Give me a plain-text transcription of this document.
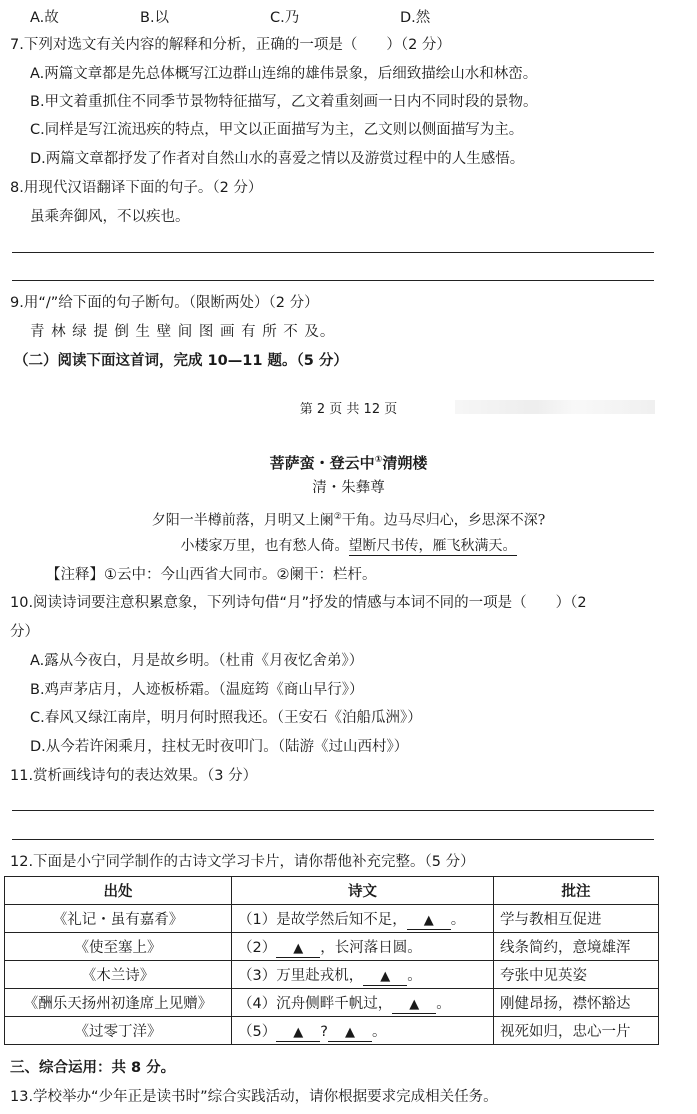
A.故	B.以	C.乃	D.然
7.下列对选文有关内容的解释和分析，正确的一项是（　　）（2 分）
A.两篇文章都是先总体概写江边群山连绵的雄伟景象，后细致描绘山水和林峦。
B.甲文着重抓住不同季节景物特征描写，乙文着重刻画一日内不同时段的景物。
C.同样是写江流迅疾的特点，甲文以正面描写为主，乙文则以侧面描写为主。
D.两篇文章都抒发了作者对自然山水的喜爱之情以及游赏过程中的人生感悟。
8.用现代汉语翻译下面的句子。（2 分）
虽乘奔御风，不以疾也。
9.用“/”给下面的句子断句。（限断两处）（2 分）
青 林 绿 提 倒 生 壁 间 图 画 有 所 不 及。
（二）阅读下面这首词，完成 10—11 题。（5 分）
第 2 页 共 12 页
菩萨蛮・登云中①清朔楼
清・朱彝尊
夕阳一半樽前落，月明又上阑②干角。边马尽归心，乡思深不深?
小楼家万里，也有愁人倚。望断尺书传，雁飞秋满天。
【注释】①云中：今山西省大同市。②阑干：栏杆。
10.阅读诗词要注意积累意象，下列诗句借“月”抒发的情感与本词不同的一项是（　　）（2
分）
A.露从今夜白，月是故乡明。（杜甫《月夜忆舍弟》）
B.鸡声茅店月，人迹板桥霜。（温庭筠《商山早行》）
C.春风又绿江南岸，明月何时照我还。（王安石《泊船瓜洲》）
D.从今若许闲乘月，拄杖无时夜叩门。（陆游《过山西村》）
11.赏析画线诗句的表达效果。（3 分）
12.下面是小宁同学制作的古诗文学习卡片，请你帮他补充完整。（5 分）
出处	诗文	批注
《礼记・虽有嘉肴》	（1）是故学然后知不足， ▲ 。	学与教相互促进
《使至塞上》	（2） ▲ ，长河落日圆。	线条简约，意境雄浑
《木兰诗》	（3）万里赴戎机， ▲ 。	夸张中见英姿
《酬乐天扬州初逢席上见赠》	（4）沉舟侧畔千帆过， ▲ 。	刚健昂扬，襟怀豁达
《过零丁洋》	（5） ▲ ? ▲ 。	视死如归，忠心一片
三、综合运用：共 8 分。
13.学校举办“少年正是读书时”综合实践活动，请你根据要求完成相关任务。
